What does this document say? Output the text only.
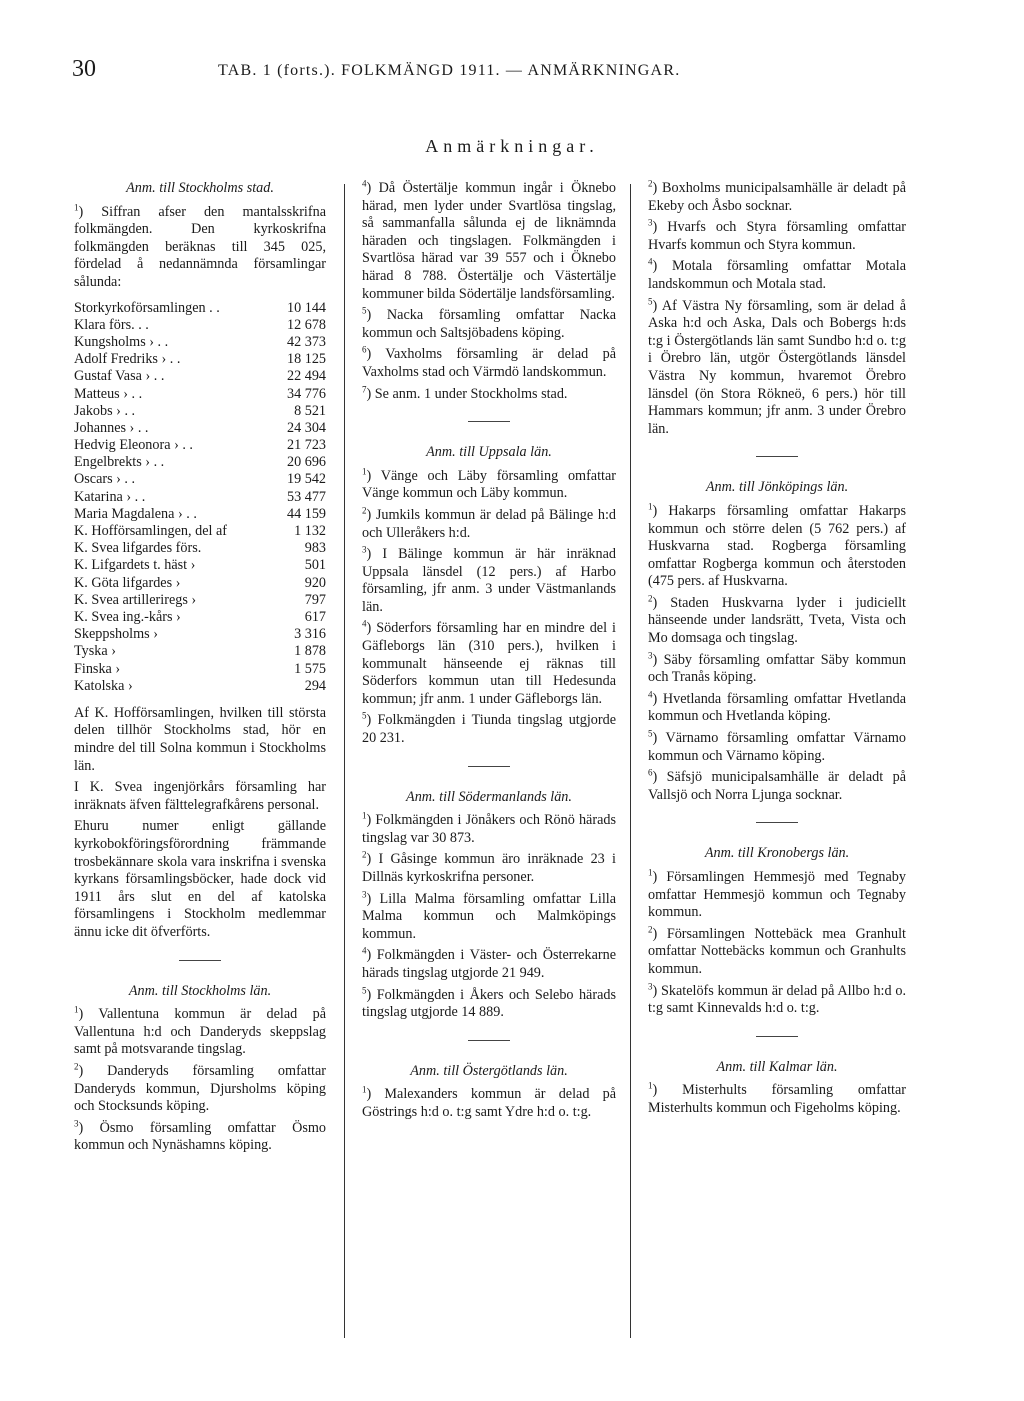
30	TAB. 1 (forts.). FOLKMÄNGD 1911. — ANMÄRKNINGAR.
Anmärkningar.
Anm. till Stockholms stad.

$^1$) Siffran afser den mantalsskrifna folkmängden. Den kyrkoskrifna folkmängden beräknas till 345 025, fördelad å nedannämnda församlingar sålunda:

Storkyrkoförsamlingen . .	10 144
Klara förs. . .	12 678
Kungsholms › . .	42 373
Adolf Fredriks › . .	18 125
Gustaf Vasa › . .	22 494
Matteus › . .	34 776
Jakobs › . .	8 521
Johannes › . .	24 304
Hedvig Eleonora › . .	21 723
Engelbrekts › . .	20 696
Oscars › . .	19 542
Katarina › . .	53 477
Maria Magdalena › . .	44 159
K. Hofförsamlingen, del af	1 132
K. Svea lifgardes förs.	983
K. Lifgardets t. häst ›	501
K. Göta lifgardes ›	920
K. Svea artilleriregs ›	797
K. Svea ing.-kårs ›	617
Skeppsholms ›	3 316
Tyska ›	1 878
Finska ›	1 575
Katolska ›	294

Af K. Hofförsamlingen, hvilken till största delen tillhör Stockholms stad, hör en mindre del till Solna kommun i Stockholms län.

I K. Svea ingenjörkårs församling har inräknats äfven fälttelegrafkårens personal.

Ehuru numer enligt gällande kyrkobokföringsförordning främmande trosbekännare skola vara inskrifna i svenska kyrkans församlingsböcker, hade dock vid 1911 års slut en del af katolska församlingens i Stockholm medlemmar ännu icke dit öfverförts.

Anm. till Stockholms län.

$^1$) Vallentuna kommun är delad på Vallentuna h:d och Danderyds skeppslag samt på motsvarande tingslag.

$^2$) Danderyds församling omfattar Danderyds kommun, Djursholms köping och Stocksunds köping.

$^3$) Ösmo församling omfattar Ösmo kommun och Nynäshamns köping.

$^4$) Då Östertälje kommun ingår i Öknebo härad, men lyder under Svartlösa tingslag, så sammanfalla sålunda ej de liknämnda häraden och tingslagen. Folkmängden i Svartlösa härad var 39 557 och i Öknebo härad 8 788. Östertälje och Västertälje kommuner bilda Södertälje landsförsamling.

$^5$) Nacka församling omfattar Nacka kommun och Saltsjöbadens köping.

$^6$) Vaxholms församling är delad på Vaxholms stad och Värmdö landskommun.

$^7$) Se anm. 1 under Stockholms stad.

Anm. till Uppsala län.

$^1$) Vänge och Läby församling omfattar Vänge kommun och Läby kommun.

$^2$) Jumkils kommun är delad på Bälinge h:d och Ulleråkers h:d.

$^3$) I Bälinge kommun är här inräknad Uppsala länsdel (12 pers.) af Harbo församling, jfr anm. 3 under Västmanlands län.

$^4$) Söderfors församling har en mindre del i Gäfleborgs län (310 pers.), hvilken i kommunalt hänseende ej räknas till Söderfors kommun utan till Hedesunda kommun; jfr anm. 1 under Gäfleborgs län.

$^5$) Folkmängden i Tiunda tingslag utgjorde 20 231.

Anm. till Södermanlands län.

$^1$) Folkmängden i Jönåkers och Rönö härads tingslag var 30 873.

$^2$) I Gåsinge kommun äro inräknade 23 i Dillnäs kyrkoskrifna personer.

$^3$) Lilla Malma församling omfattar Lilla Malma kommun och Malmköpings kommun.

$^4$) Folkmängden i Väster- och Österrekarne härads tingslag utgjorde 21 949.

$^5$) Folkmängden i Åkers och Selebo härads tingslag utgjorde 14 889.

Anm. till Östergötlands län.

$^1$) Malexanders kommun är delad på Göstrings h:d o. t:g samt Ydre h:d o. t:g.

$^2$) Boxholms municipalsamhälle är deladt på Ekeby och Åsbo socknar.

$^3$) Hvarfs och Styra församling omfattar Hvarfs kommun och Styra kommun.

$^4$) Motala församling omfattar Motala landskommun och Motala stad.

$^5$) Af Västra Ny församling, som är delad å Aska h:d och Aska, Dals och Bobergs h:ds t:g i Östergötlands län samt Sundbo h:d o. t:g i Örebro län, utgör Östergötlands länsdel Västra Ny kommun, hvaremot Örebro länsdel (ön Stora Rökneö, 6 pers.) hör till Hammars kommun; jfr anm. 3 under Örebro län.

Anm. till Jönköpings län.

$^1$) Hakarps församling omfattar Hakarps kommun och större delen (5 762 pers.) af Huskvarna stad. Rogberga församling omfattar Rogberga kommun och återstoden (475 pers. af Huskvarna.

$^2$) Staden Huskvarna lyder i judiciellt hänseende under landsrätt, Tveta, Vista och Mo domsaga och tingslag.

$^3$) Säby församling omfattar Säby kommun och Tranås köping.

$^4$) Hvetlanda församling omfattar Hvetlanda kommun och Hvetlanda köping.

$^5$) Värnamo församling omfattar Värnamo kommun och Värnamo köping.

$^6$) Säfsjö municipalsamhälle är deladt på Vallsjö och Norra Ljunga socknar.

Anm. till Kronobergs län.

$^1$) Församlingen Hemmesjö med Tegnaby omfattar Hemmesjö kommun och Tegnaby kommun.

$^2$) Församlingen Nottebäck mea Granhult omfattar Nottebäcks kommun och Granhults kommun.

$^3$) Skatelöfs kommun är delad på Allbo h:d o. t:g samt Kinnevalds h:d o. t:g.

Anm. till Kalmar län.

$^1$) Misterhults församling omfattar Misterhults kommun och Figeholms köping.
